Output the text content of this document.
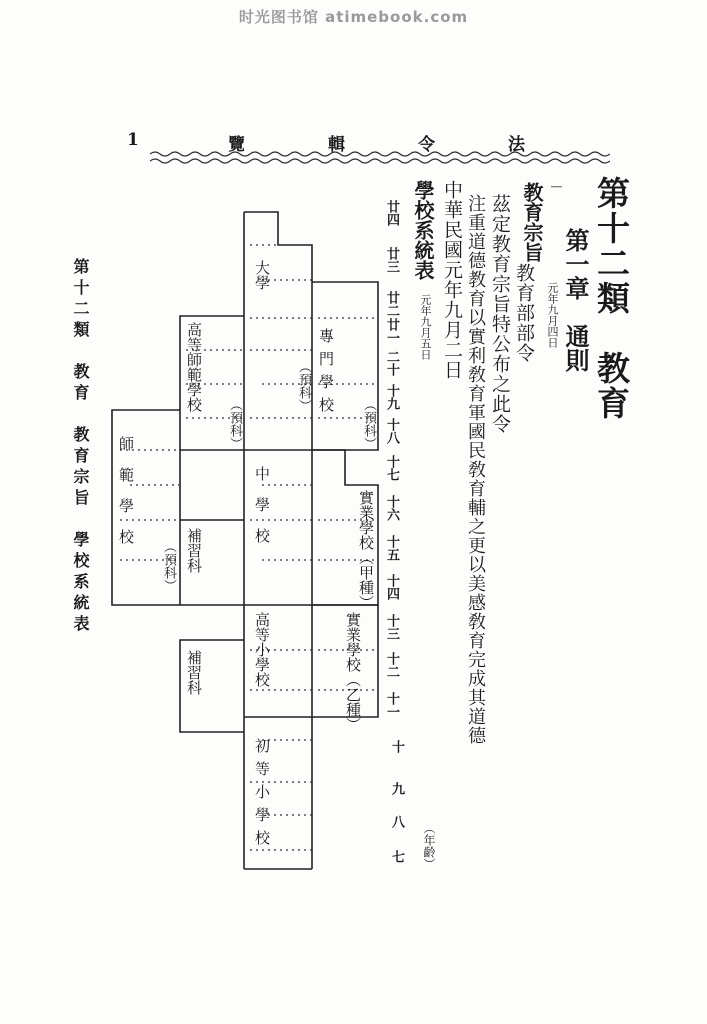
时光图书馆 atimebook.com
1	法
令
輯
覽
第十二類　教育
第一章　通則
元年九月四日
教育宗旨 ―
教育部部令
茲定教育宗旨特公布之此令
注重道德教育以實利敎育軍國民敎育輔之更以美感敎育完成其道德
中華民國元年九月二日
學校系統表
元年九月五日
（年齡）
廿四
廿三
廿二
廿一
二十
十九
十八
十七
十六
十五
十四
十三
十二
十一
十
九
八
七
大學
（預科） 專門學校
（預科）
高等師範學校
（預科）
中學校	實業學校（甲種）
實業學校（乙種）
師範學校
（預科） 補習科
補習科	高等小學校
初等小學校
第十二類　教育　教育宗旨　學校系統表
